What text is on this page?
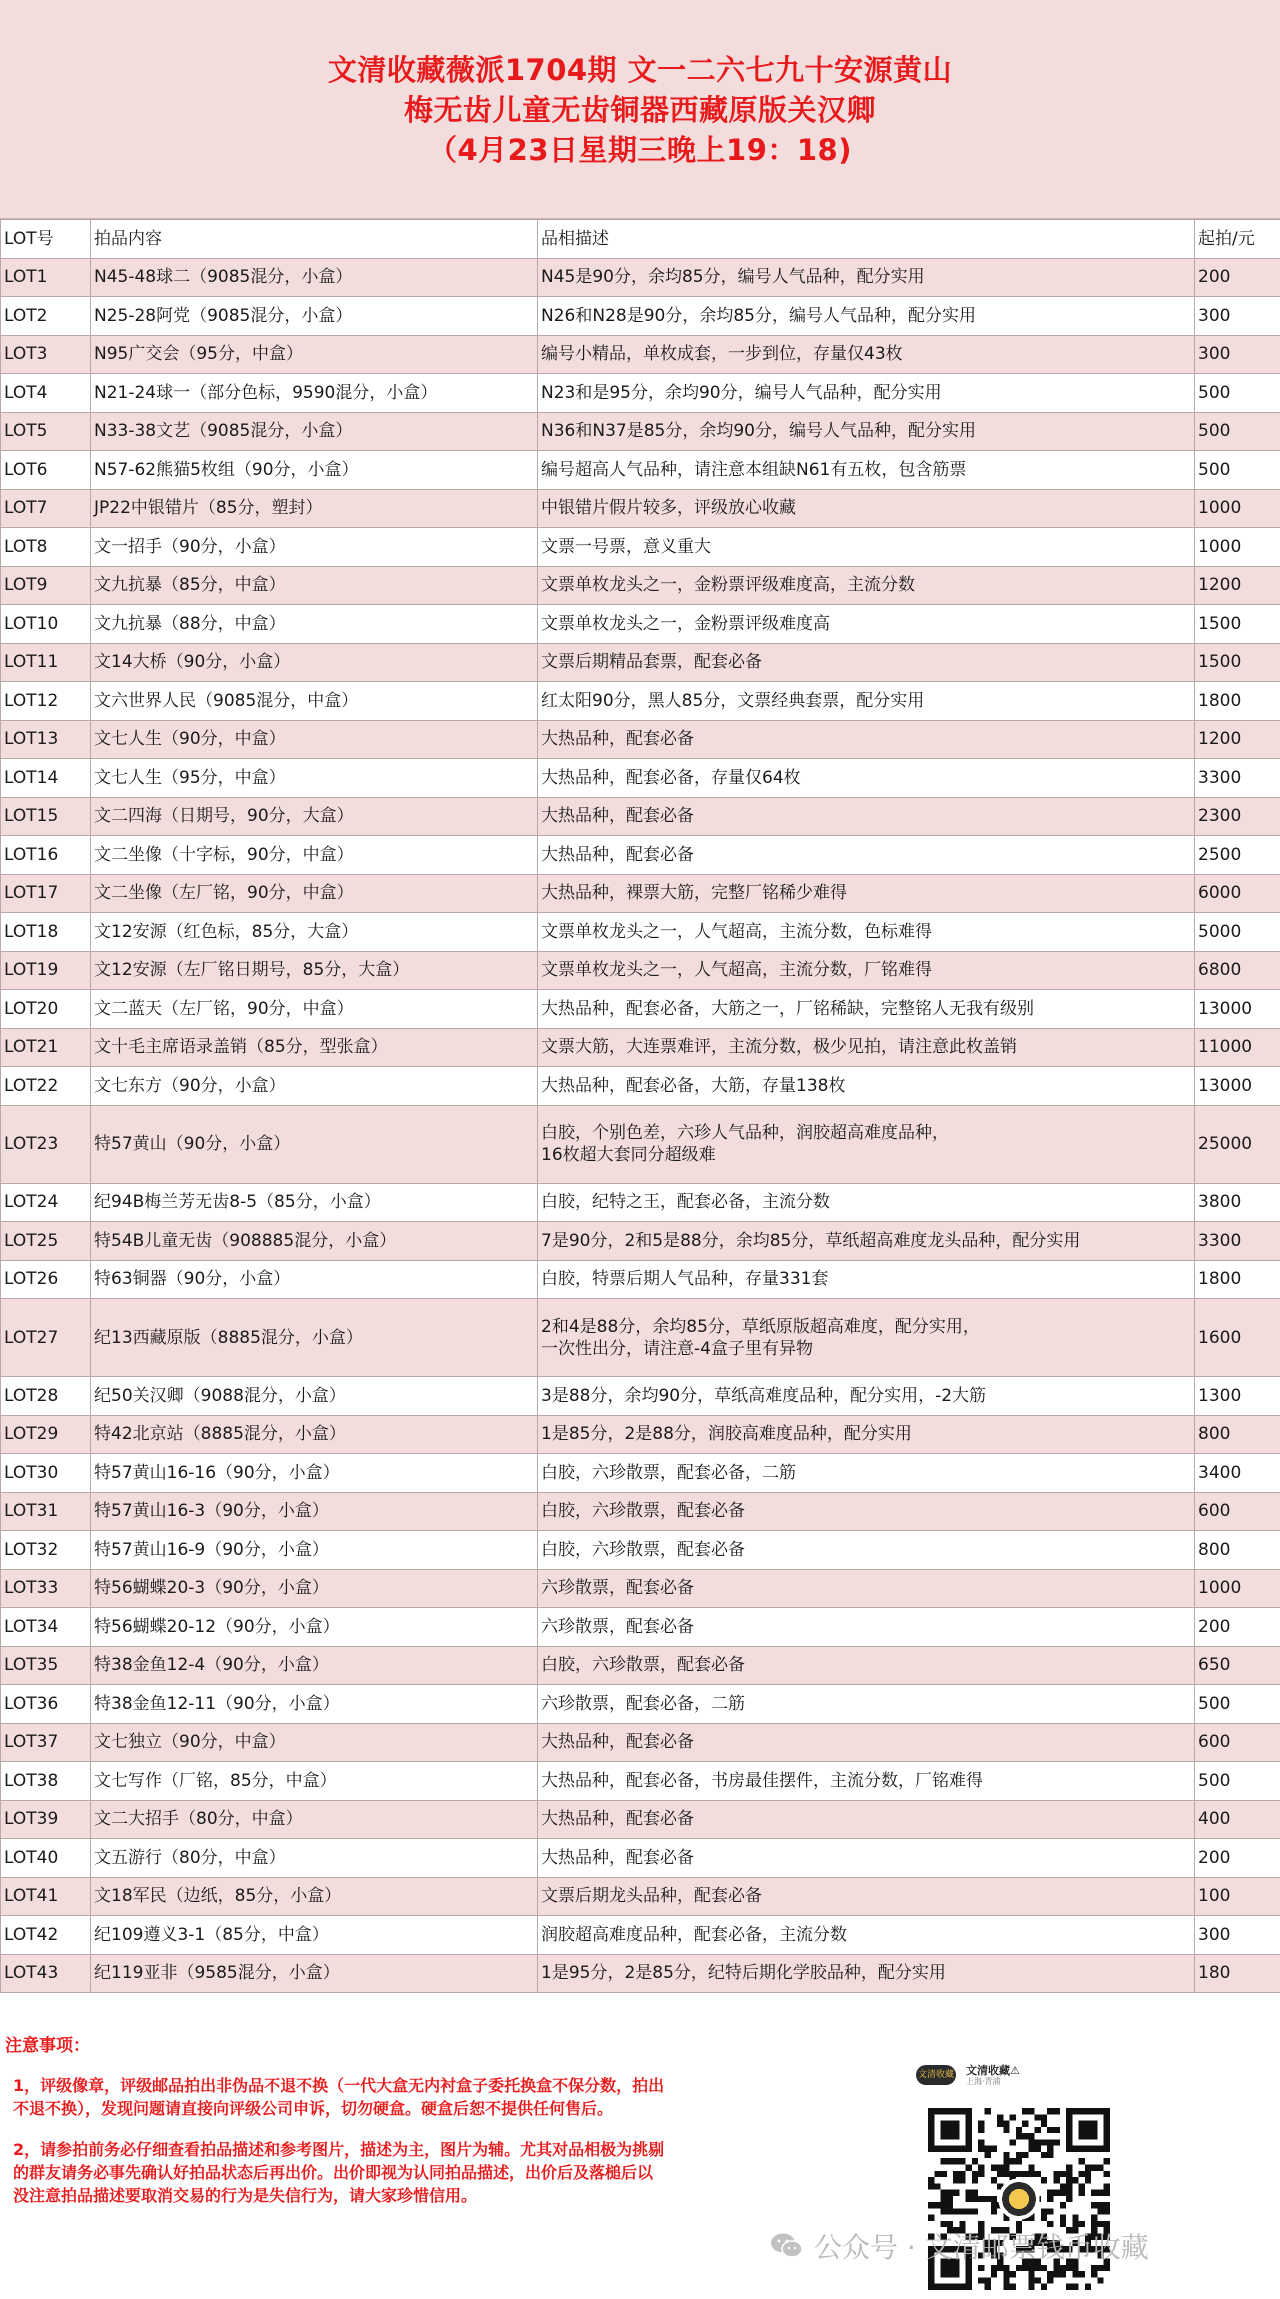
文清收藏薇派1704期 文一二六七九十安源黄山
梅无齿儿童无齿铜器西藏原版关汉卿
（4月23日星期三晚上19：18)
LOT号	拍品内容	品相描述	起拍/元
LOT1	N45-48球二（9085混分，小盒）	N45是90分，余均85分，编号人气品种，配分实用	200
LOT2	N25-28阿党（9085混分，小盒）	N26和N28是90分，余均85分，编号人气品种，配分实用	300
LOT3	N95广交会（95分，中盒）	编号小精品，单枚成套，一步到位，存量仅43枚	300
LOT4	N21-24球一（部分色标，9590混分，小盒）	N23和是95分，余均90分，编号人气品种，配分实用	500
LOT5	N33-38文艺（9085混分，小盒）	N36和N37是85分，余均90分，编号人气品种，配分实用	500
LOT6	N57-62熊猫5枚组（90分，小盒）	编号超高人气品种，请注意本组缺N61有五枚，包含筋票	500
LOT7	JP22中银错片（85分，塑封）	中银错片假片较多，评级放心收藏	1000
LOT8	文一招手（90分，小盒）	文票一号票，意义重大	1000
LOT9	文九抗暴（85分，中盒）	文票单枚龙头之一，金粉票评级难度高，主流分数	1200
LOT10	文九抗暴（88分，中盒）	文票单枚龙头之一，金粉票评级难度高	1500
LOT11	文14大桥（90分，小盒）	文票后期精品套票，配套必备	1500
LOT12	文六世界人民（9085混分，中盒）	红太阳90分，黑人85分，文票经典套票，配分实用	1800
LOT13	文七人生（90分，中盒）	大热品种，配套必备	1200
LOT14	文七人生（95分，中盒）	大热品种，配套必备，存量仅64枚	3300
LOT15	文二四海（日期号，90分，大盒）	大热品种，配套必备	2300
LOT16	文二坐像（十字标，90分，中盒）	大热品种，配套必备	2500
LOT17	文二坐像（左厂铭，90分，中盒）	大热品种，裸票大筋，完整厂铭稀少难得	6000
LOT18	文12安源（红色标，85分，大盒）	文票单枚龙头之一，人气超高，主流分数，色标难得	5000
LOT19	文12安源（左厂铭日期号，85分，大盒）	文票单枚龙头之一，人气超高，主流分数，厂铭难得	6800
LOT20	文二蓝天（左厂铭，90分，中盒）	大热品种，配套必备，大筋之一，厂铭稀缺，完整铭人无我有级别	13000
LOT21	文十毛主席语录盖销（85分，型张盒）	文票大筋，大连票难评，主流分数，极少见拍，请注意此枚盖销	11000
LOT22	文七东方（90分，小盒）	大热品种，配套必备，大筋，存量138枚	13000
LOT23	特57黄山（90分，小盒）	白胶，个别色差，六珍人气品种，润胶超高难度品种，
16枚超大套同分超级难	25000
LOT24	纪94B梅兰芳无齿8-5（85分，小盒）	白胶，纪特之王，配套必备，主流分数	3800
LOT25	特54B儿童无齿（908885混分，小盒）	7是90分，2和5是88分，余均85分，草纸超高难度龙头品种，配分实用	3300
LOT26	特63铜器（90分，小盒）	白胶，特票后期人气品种，存量331套	1800
LOT27	纪13西藏原版（8885混分，小盒）	2和4是88分，余均85分，草纸原版超高难度，配分实用，
一次性出分，请注意-4盒子里有异物	1600
LOT28	纪50关汉卿（9088混分，小盒）	3是88分，余均90分，草纸高难度品种，配分实用，-2大筋	1300
LOT29	特42北京站（8885混分，小盒）	1是85分，2是88分，润胶高难度品种，配分实用	800
LOT30	特57黄山16-16（90分，小盒）	白胶，六珍散票，配套必备，二筋	3400
LOT31	特57黄山16-3（90分，小盒）	白胶，六珍散票，配套必备	600
LOT32	特57黄山16-9（90分，小盒）	白胶，六珍散票，配套必备	800
LOT33	特56蝴蝶20-3（90分，小盒）	六珍散票，配套必备	1000
LOT34	特56蝴蝶20-12（90分，小盒）	六珍散票，配套必备	200
LOT35	特38金鱼12-4（90分，小盒）	白胶，六珍散票，配套必备	650
LOT36	特38金鱼12-11（90分，小盒）	六珍散票，配套必备，二筋	500
LOT37	文七独立（90分，中盒）	大热品种，配套必备	600
LOT38	文七写作（厂铭，85分，中盒）	大热品种，配套必备，书房最佳摆件，主流分数，厂铭难得	500
LOT39	文二大招手（80分，中盒）	大热品种，配套必备	400
LOT40	文五游行（80分，中盒）	大热品种，配套必备	200
LOT41	文18军民（边纸，85分，小盒）	文票后期龙头品种，配套必备	100
LOT42	纪109遵义3-1（85分，中盒）	润胶超高难度品种，配套必备，主流分数	300
LOT43	纪119亚非（9585混分，小盒）	1是95分，2是85分，纪特后期化学胶品种，配分实用	180
注意事项：
1，评级像章，评级邮品拍出非伪品不退不换（一代大盒无内衬盒子委托换盒不保分数，拍出
不退不换），发现问题请直接向评级公司申诉，切勿硬盒。硬盒后恕不提供任何售后。
2，请参拍前务必仔细查看拍品描述和参考图片，描述为主，图片为辅。尤其对品相极为挑剔
的群友请务必事先确认好拍品状态后再出价。出价即视为认同拍品描述，出价后及落槌后以
没注意拍品描述要取消交易的行为是失信行为，请大家珍惜信用。
文清收藏 文清收藏⚠
上海·青浦
公众号 · 文清邮票钱币收藏
